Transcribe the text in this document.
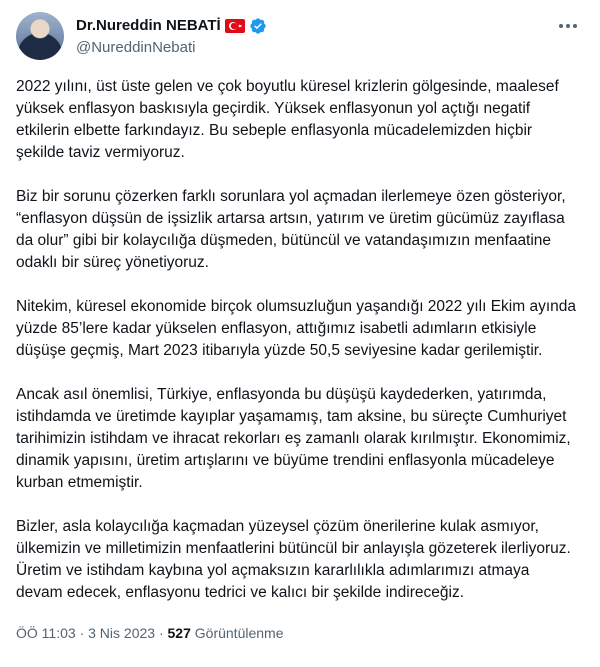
Dr.Nureddin NEBATİ
@NureddinNebati

2022 yılını, üst üste gelen ve çok boyutlu küresel krizlerin gölgesinde, maalesef yüksek enflasyon baskısıyla geçirdik. Yüksek enflasyonun yol açtığı negatif etkilerin elbette farkındayız. Bu sebeple enflasyonla mücadelemizden hiçbir şekilde taviz vermiyoruz.

Biz bir sorunu çözerken farklı sorunlara yol açmadan ilerlemeye özen gösteriyor, “enflasyon düşsün de işsizlik artarsa artsın, yatırım ve üretim gücümüz zayıflasa da olur” gibi bir kolaycılığa düşmeden, bütüncül ve vatandaşımızın menfaatine odaklı bir süreç yönetiyoruz.

Nitekim, küresel ekonomide birçok olumsuzluğun yaşandığı 2022 yılı Ekim ayında yüzde 85’lere kadar yükselen enflasyon, attığımız isabetli adımların etkisiyle düşüşe geçmiş, Mart 2023 itibarıyla yüzde 50,5 seviyesine kadar gerilemiştir.

Ancak asıl önemlisi, Türkiye, enflasyonda bu düşüşü kaydederken, yatırımda, istihdamda ve üretimde kayıplar yaşamamış, tam aksine, bu süreçte Cumhuriyet tarihimizin istihdam ve ihracat rekorları eş zamanlı olarak kırılmıştır. Ekonomimiz, dinamik yapısını, üretim artışlarını ve büyüme trendini enflasyonla mücadeleye kurban etmemiştir.

Bizler, asla kolaycılığa kaçmadan yüzeysel çözüm önerilerine kulak asmıyor, ülkemizin ve milletimizin menfaatlerini bütüncül bir anlayışla gözeterek ilerliyoruz. Üretim ve istihdam kaybına yol açmaksızın kararlılıkla adımlarımızı atmaya devam edecek, enflasyonu tedrici ve kalıcı bir şekilde indireceğiz.

ÖÖ 11:03 · 3 Nis 2023 · 527 Görüntülenme
